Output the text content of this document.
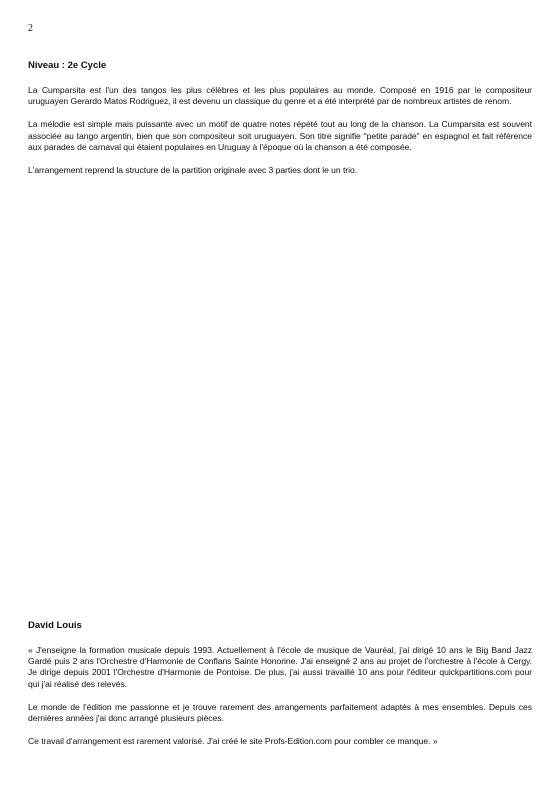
2
Niveau : 2e Cycle

La Cumparsita est l'un des tangos les plus célèbres et les plus populaires au monde. Composé en 1916 par le compositeur uruguayen Gerardo Matos Rodriguez, il est devenu un classique du genre et a été interprété par de nombreux artistes de renom.

La mélodie est simple mais puissante avec un motif de quatre notes répété tout au long de la chanson. La Cumparsita est souvent associée au tango argentin, bien que son compositeur soit uruguayen. Son titre signifie "petite parade" en espagnol et fait référence aux parades de carnaval qui étaient populaires en Uruguay à l'époque où la chanson a été composée.

L'arrangement reprend la structure de la partition originale avec 3 parties dont le un trio.

David Louis

« J'enseigne la formation musicale depuis 1993. Actuellement à l'école de musique de Vauréal, j'ai dirigé 10 ans le Big Band Jazz Gardé puis 2 ans l'Orchestre d'Harmonie de Conflans Sainte Honorine. J'ai enseigné 2 ans au projet de l'orchestre à l'école à Cergy. Je dirige depuis 2001 l'Orchestre d'Harmonie de Pontoise. De plus, j'ai aussi travaillé 10 ans pour l'éditeur quickpartitions.com pour qui j'ai réalisé des relevés.

Le monde de l'édition me passionne et je trouve rarement des arrangements parfaitement adaptés à mes ensembles. Depuis ces dernières années j'ai donc arrangé plusieurs pièces.

Ce travail d'arrangement est rarement valorisé. J'ai créé le site Profs-Edition.com pour combler ce manque. »
